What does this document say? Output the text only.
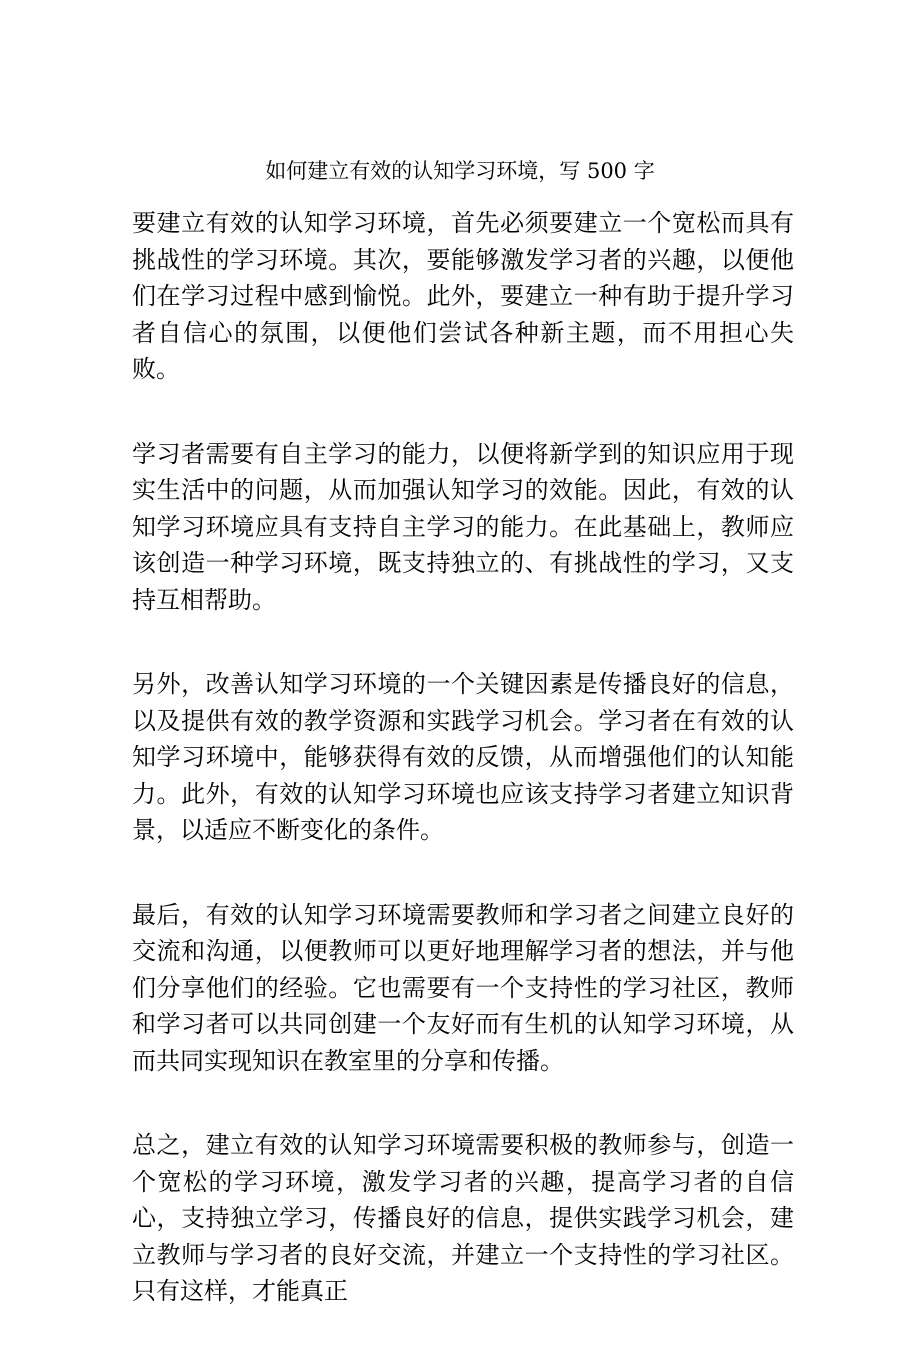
如何建立有效的认知学习环境，写 500 字

要建立有效的认知学习环境，首先必须要建立一个宽松而具有挑战性的学习环境。其次，要能够激发学习者的兴趣，以便他们在学习过程中感到愉悦。此外，要建立一种有助于提升学习者自信心的氛围，以便他们尝试各种新主题，而不用担心失败。

学习者需要有自主学习的能力，以便将新学到的知识应用于现实生活中的问题，从而加强认知学习的效能。因此，有效的认知学习环境应具有支持自主学习的能力。在此基础上，教师应该创造一种学习环境，既支持独立的、有挑战性的学习，又支持互相帮助。

另外，改善认知学习环境的一个关键因素是传播良好的信息，以及提供有效的教学资源和实践学习机会。学习者在有效的认知学习环境中，能够获得有效的反馈，从而增强他们的认知能力。此外，有效的认知学习环境也应该支持学习者建立知识背景，以适应不断变化的条件。

最后，有效的认知学习环境需要教师和学习者之间建立良好的交流和沟通，以便教师可以更好地理解学习者的想法，并与他们分享他们的经验。它也需要有一个支持性的学习社区，教师和学习者可以共同创建一个友好而有生机的认知学习环境，从而共同实现知识在教室里的分享和传播。

总之，建立有效的认知学习环境需要积极的教师参与，创造一个宽松的学习环境，激发学习者的兴趣，提高学习者的自信心，支持独立学习，传播良好的信息，提供实践学习机会，建立教师与学习者的良好交流，并建立一个支持性的学习社区。只有这样，才能真正
